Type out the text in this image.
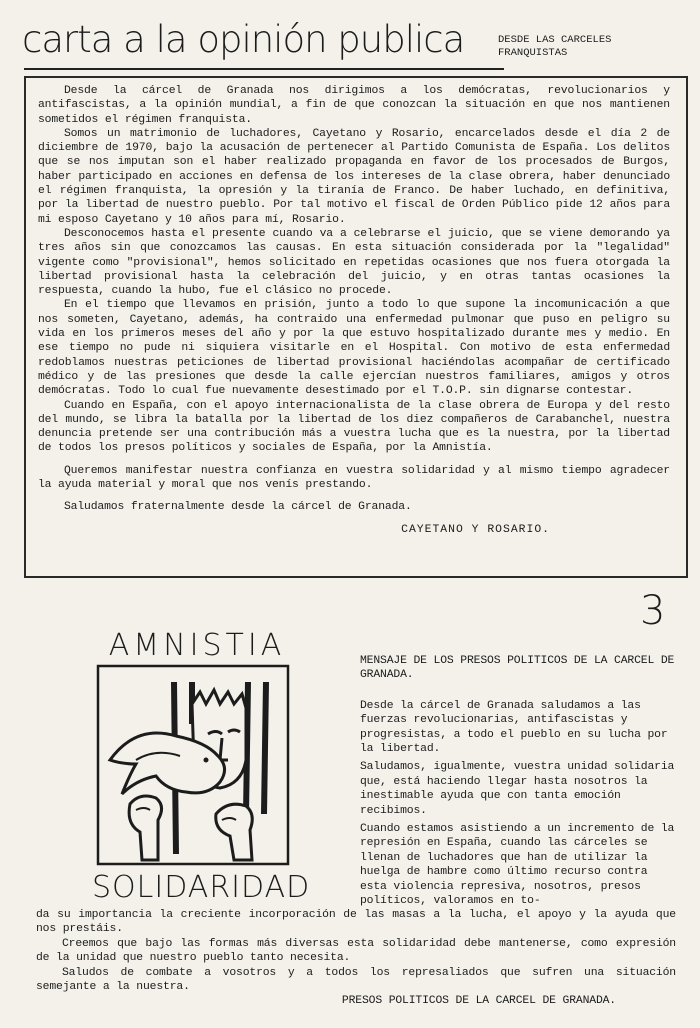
carta a la opinión publica	DESDE LAS CARCELES
FRANQUISTAS

Desde la cárcel de Granada nos dirigimos a los demócratas, revolucionarios y antifascistas, a la opinión mundial, a fin de que conozcan la situación en que nos mantienen sometidos el régimen franquista.

Somos un matrimonio de luchadores, Cayetano y Rosario, encarcelados desde el día 2 de diciembre de 1970, bajo la acusación de pertenecer al Partido Comunista de España. Los delitos que se nos imputan son el haber realizado propaganda en favor de los procesados de Burgos, haber participado en acciones en defensa de los intereses de la clase obrera, haber denunciado el régimen franquista, la opresión y la tiranía de Franco. De haber luchado, en definitiva, por la libertad de nuestro pueblo. Por tal motivo el fiscal de Orden Público pide 12 años para mi esposo Cayetano y 10 años para mí, Rosario.

Desconocemos hasta el presente cuando va a celebrarse el juicio, que se viene demorando ya tres años sin que conozcamos las causas. En esta situación considerada por la "legalidad" vigente como "provisional", hemos solicitado en repetidas ocasiones que nos fuera otorgada la libertad provisional hasta la celebración del juicio, y en otras tantas ocasiones la respuesta, cuando la hubo, fue el clásico no procede.

En el tiempo que llevamos en prisión, junto a todo lo que supone la incomunicación a que nos someten, Cayetano, además, ha contraido una enfermedad pulmonar que puso en peligro su vida en los primeros meses del año y por la que estuvo hospitalizado durante mes y medio. En ese tiempo no pude ni siquiera visitarle en el Hospital. Con motivo de esta enfermedad redoblamos nuestras peticiones de libertad provisional haciéndolas acompañar de certificado médico y de las presiones que desde la calle ejercían nuestros familiares, amigos y otros demócratas. Todo lo cual fue nuevamente desestimado por el T.O.P. sin dignarse contestar.

Cuando en España, con el apoyo internacionalista de la clase obrera de Europa y del resto del mundo, se libra la batalla por la libertad de los diez compañeros de Carabanchel, nuestra denuncia pretende ser una contribución más a vuestra lucha que es la nuestra, por la libertad de todos los presos políticos y sociales de España, por la Amnistía.

Queremos manifestar nuestra confianza en vuestra solidaridad y al mismo tiempo agradecer la ayuda material y moral que nos venís prestando.

Saludamos fraternalmente desde la cárcel de Granada.

CAYETANO Y ROSARIO.

3
AMNISTIA
SOLIDARIDAD

MENSAJE DE LOS PRESOS POLITICOS DE LA CARCEL DE GRANADA.

Desde la cárcel de Granada saludamos a las fuerzas revolucionarias, antifascistas y progresistas, a todo el pueblo en su lucha por la libertad.

Saludamos, igualmente, vuestra unidad solidaria que, está haciendo llegar hasta nosotros la inestimable ayuda que con tanta emoción recibimos.

Cuando estamos asistiendo a un incremento de la represión en España, cuando las cárceles se llenan de luchadores que han de utilizar la huelga de hambre como último recurso contra esta violencia represiva, nosotros, presos políticos, valoramos en to-

da su importancia la creciente incorporación de las masas a la lucha, el apoyo y la ayuda que nos prestáis.

Creemos que bajo las formas más diversas esta solidaridad debe mantenerse, como expresión de la unidad que nuestro pueblo tanto necesita.

Saludos de combate a vosotros y a todos los represaliados que sufren una situación semejante a la nuestra.

PRESOS POLITICOS DE LA CARCEL DE GRANADA.
